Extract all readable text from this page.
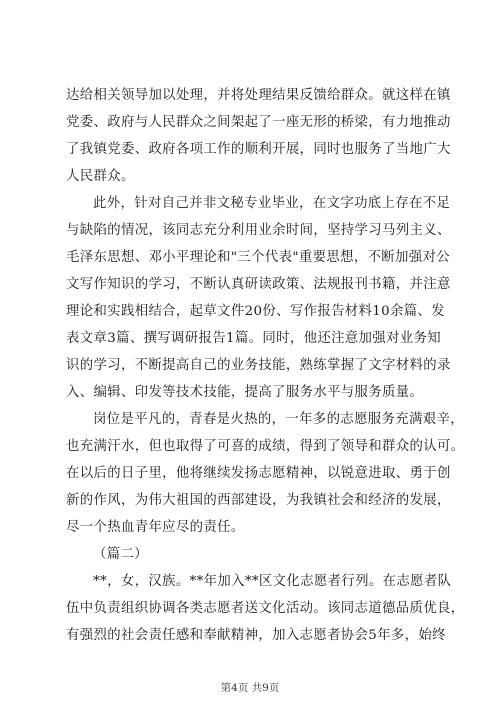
达给相关领导加以处理，并将处理结果反馈给群众。就这样在镇
党委、政府与人民群众之间架起了一座无形的桥梁，有力地推动
了我镇党委、政府各项工作的顺利开展，同时也服务了当地广大
人民群众。
此外，针对自己并非文秘专业毕业，在文字功底上存在不足
与缺陷的情况，该同志充分利用业余时间，坚持学习马列主义、
毛泽东思想、邓小平理论和"三个代表"重要思想，不断加强对公
文写作知识的学习，不断认真研读政策、法规报刊书籍，并注意
理论和实践相结合，起草文件20份、写作报告材料10余篇、发
表文章3篇、撰写调研报告1篇。同时，他还注意加强对业务知
识的学习，不断提高自己的业务技能，熟练掌握了文字材料的录
入、编辑、印发等技术技能，提高了服务水平与服务质量。
岗位是平凡的，青春是火热的，一年多的志愿服务充满艰辛，
也充满汗水，但也取得了可喜的成绩，得到了领导和群众的认可。
在以后的日子里，他将继续发扬志愿精神，以锐意进取、勇于创
新的作风，为伟大祖国的西部建设，为我镇社会和经济的发展，
尽一个热血青年应尽的责任。
（篇二）
**，女，汉族。**年加入**区文化志愿者行列。在志愿者队
伍中负责组织协调各类志愿者送文化活动。该同志道德品质优良，
有强烈的社会责任感和奉献精神，加入志愿者协会5年多，始终
第4页 共9页
